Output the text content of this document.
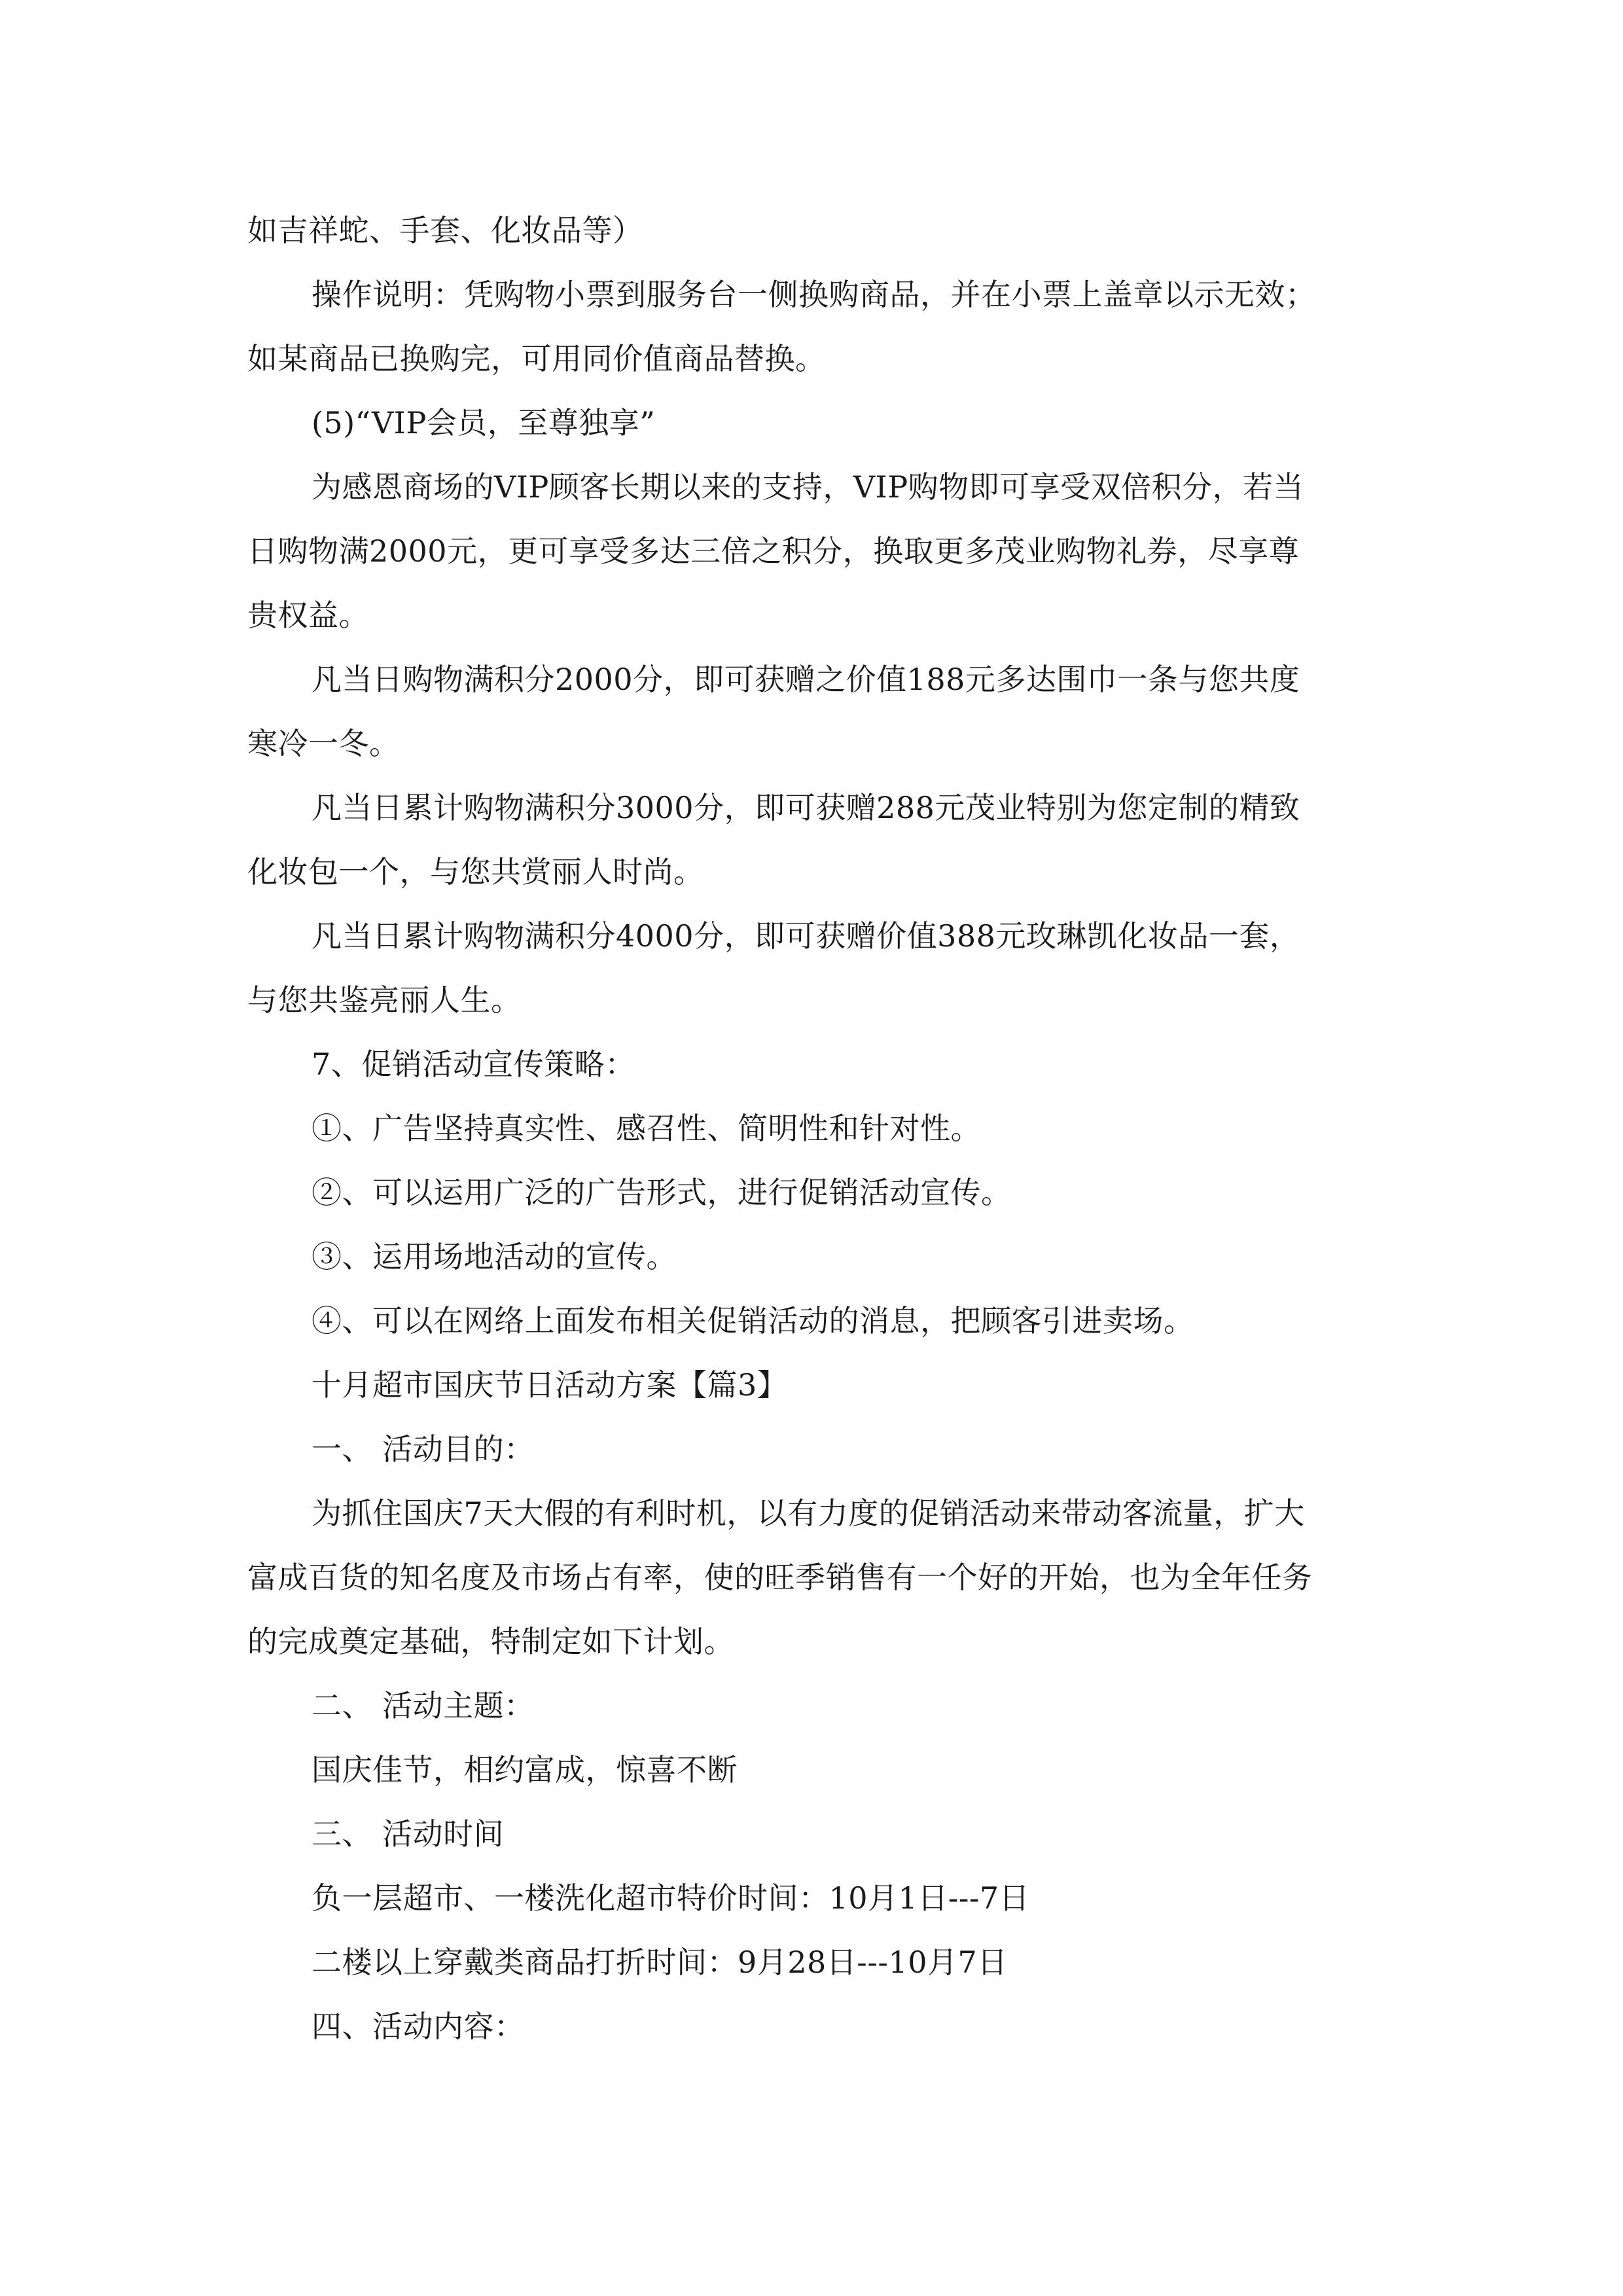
如吉祥蛇、手套、化妆品等）
操作说明：凭购物小票到服务台一侧换购商品，并在小票上盖章以示无效；
如某商品已换购完，可用同价值商品替换。
(5)“VIP会员，至尊独享”
为感恩商场的VIP顾客长期以来的支持，VIP购物即可享受双倍积分，若当
日购物满2000元，更可享受多达三倍之积分，换取更多茂业购物礼券，尽享尊
贵权益。
凡当日购物满积分2000分，即可获赠之价值188元多达围巾一条与您共度
寒冷一冬。
凡当日累计购物满积分3000分，即可获赠288元茂业特别为您定制的精致
化妆包一个，与您共赏丽人时尚。
凡当日累计购物满积分4000分，即可获赠价值388元玫琳凯化妆品一套，
与您共鉴亮丽人生。
7、促销活动宣传策略：
①、广告坚持真实性、感召性、简明性和针对性。
②、可以运用广泛的广告形式，进行促销活动宣传。
③、运用场地活动的宣传。
④、可以在网络上面发布相关促销活动的消息，把顾客引进卖场。
十月超市国庆节日活动方案【篇3】
一、 活动目的：
为抓住国庆7天大假的有利时机，以有力度的促销活动来带动客流量，扩大
富成百货的知名度及市场占有率，使的旺季销售有一个好的开始，也为全年任务
的完成奠定基础，特制定如下计划。
二、 活动主题：
国庆佳节，相约富成，惊喜不断
三、 活动时间
负一层超市、一楼洗化超市特价时间：10月1日---7日
二楼以上穿戴类商品打折时间：9月28日---10月7日
四、活动内容：
